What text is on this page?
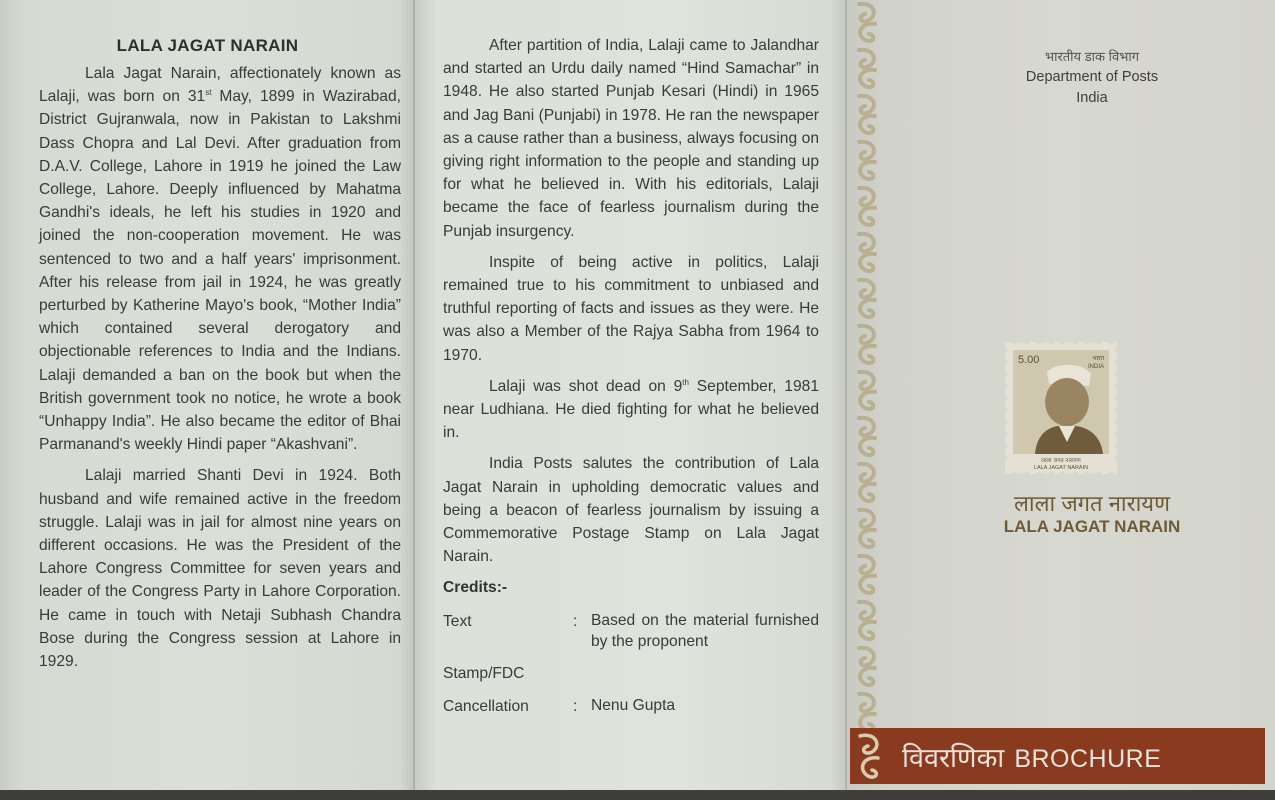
LALA JAGAT NARAIN

Lala Jagat Narain, affectionately known as Lalaji, was born on 31st May, 1899 in Wazirabad, District Gujranwala, now in Pakistan to Lakshmi Dass Chopra and Lal Devi. After graduation from D.A.V. College, Lahore in 1919 he joined the Law College, Lahore. Deeply influenced by Mahatma Gandhi's ideals, he left his studies in 1920 and joined the non-cooperation movement. He was sentenced to two and a half years' imprisonment. After his release from jail in 1924, he was greatly perturbed by Katherine Mayo's book, “Mother India” which contained several derogatory and objectionable references to India and the Indians. Lalaji demanded a ban on the book but when the British government took no notice, he wrote a book “Unhappy India”. He also became the editor of Bhai Parmanand's weekly Hindi paper “Akashvani”.

Lalaji married Shanti Devi in 1924. Both husband and wife remained active in the freedom struggle. Lalaji was in jail for almost nine years on different occasions. He was the President of the Lahore Congress Committee for seven years and leader of the Congress Party in Lahore Corporation. He came in touch with Netaji Subhash Chandra Bose during the Congress session at Lahore in 1929.

After partition of India, Lalaji came to Jalandhar and started an Urdu daily named “Hind Samachar” in 1948. He also started Punjab Kesari (Hindi) in 1965 and Jag Bani (Punjabi) in 1978. He ran the newspaper as a cause rather than a business, always focusing on giving right information to the people and standing up for what he believed in. With his editorials, Lalaji became the face of fearless journalism during the Punjab insurgency.

Inspite of being active in politics, Lalaji remained true to his commitment to unbiased and truthful reporting of facts and issues as they were. He was also a Member of the Rajya Sabha from 1964 to 1970.

Lalaji was shot dead on 9th September, 1981 near Ludhiana. He died fighting for what he believed in.

India Posts salutes the contribution of Lala Jagat Narain in upholding democratic values and being a beacon of fearless journalism by issuing a Commemorative Postage Stamp on Lala Jagat Narain.

Credits:-
Text	: Based on the material furnished by the proponent
Stamp/FDC
Cancellation	: Nenu Gupta
भारतीय डाक विभाग
Department of Posts
India
लाला जगत नारायण
LALA JAGAT NARAIN
5.00	भारत
INDIA
लाला जगत नारायण
LALA JAGAT NARAIN
विवरणिका BROCHURE
